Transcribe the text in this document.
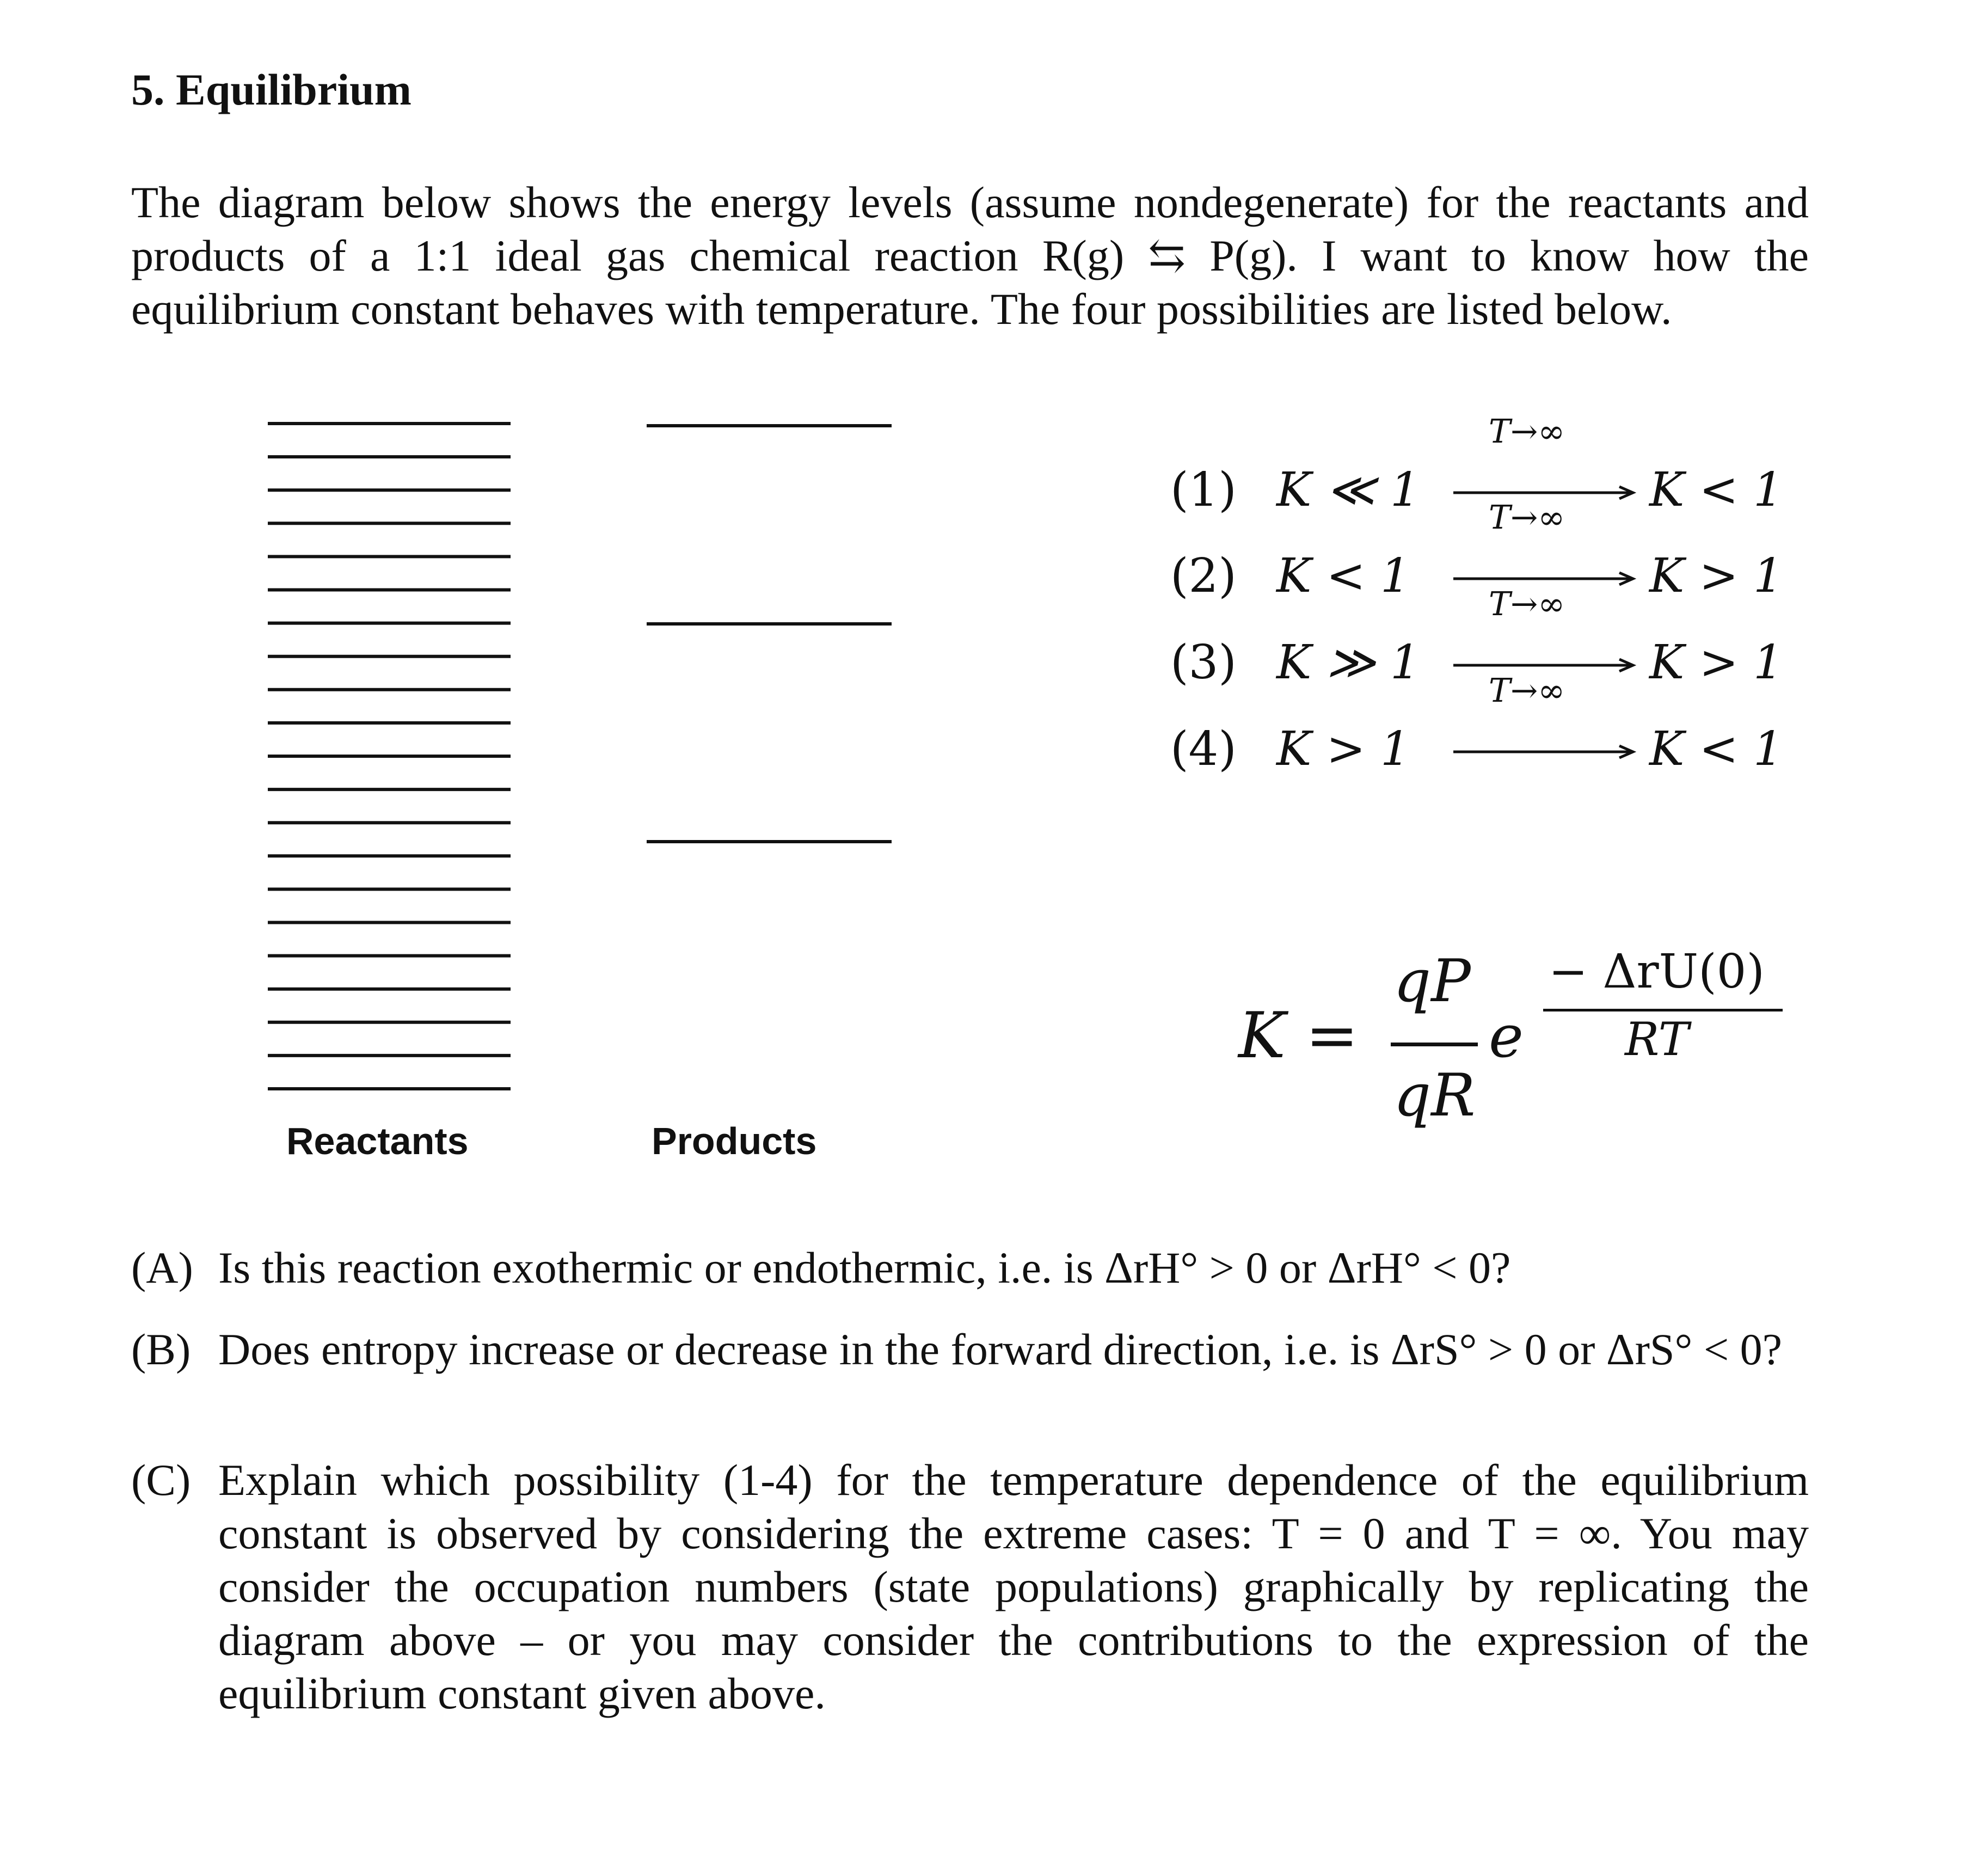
5. Equilibrium

The diagram below shows the energy levels (assume nondegenerate) for the reactants and products of a 1:1 ideal gas chemical reaction R(g) ⇆ P(g). I want to know how the equilibrium constant behaves with temperature. The four possibilities are listed below.

Reactants	Products
(1) K ≪ 1
T→∞
K < 1
(2) K < 1
T→∞
K > 1
(3) K ≫ 1
T→∞
K > 1
(4) K > 1
T→∞
K < 1
K =
qP
qR
e
− ΔrU(0)
RT
(A) Is this reaction exothermic or endothermic, i.e. is ΔrH° > 0 or ΔrH° < 0?

(B) Does entropy increase or decrease in the forward direction, i.e. is ΔrS° > 0 or ΔrS° < 0?

(C) Explain which possibility (1-4) for the temperature dependence of the equilibrium constant is observed by considering the extreme cases: T = 0 and T = ∞. You may consider the occupation numbers (state populations) graphically by replicating the diagram above – or you may consider the contributions to the expression of the equilibrium constant given above.
